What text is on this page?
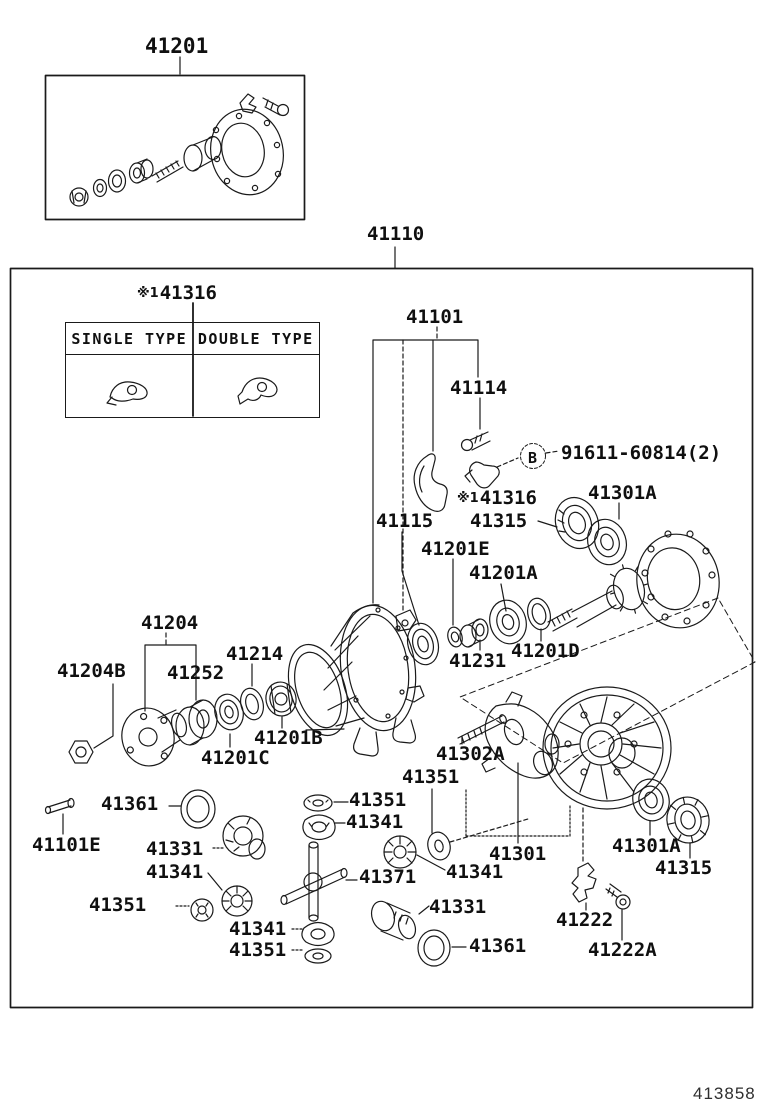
SINGLE TYPE DOUBLE TYPE
41201
41110
※141316
41101
41114
※141316
41315
41301A
41115
41201E
41201A
41231 41201D
41204
41204B 41252
41214
41201B
41201C	41302A
41351
41101E
41361
41331
41341
41351
41351
41341
41371 41341
41301
41331
41361
41341
41351
41222
41222A
41301A
41315
B 91611-60814(2)
413858
